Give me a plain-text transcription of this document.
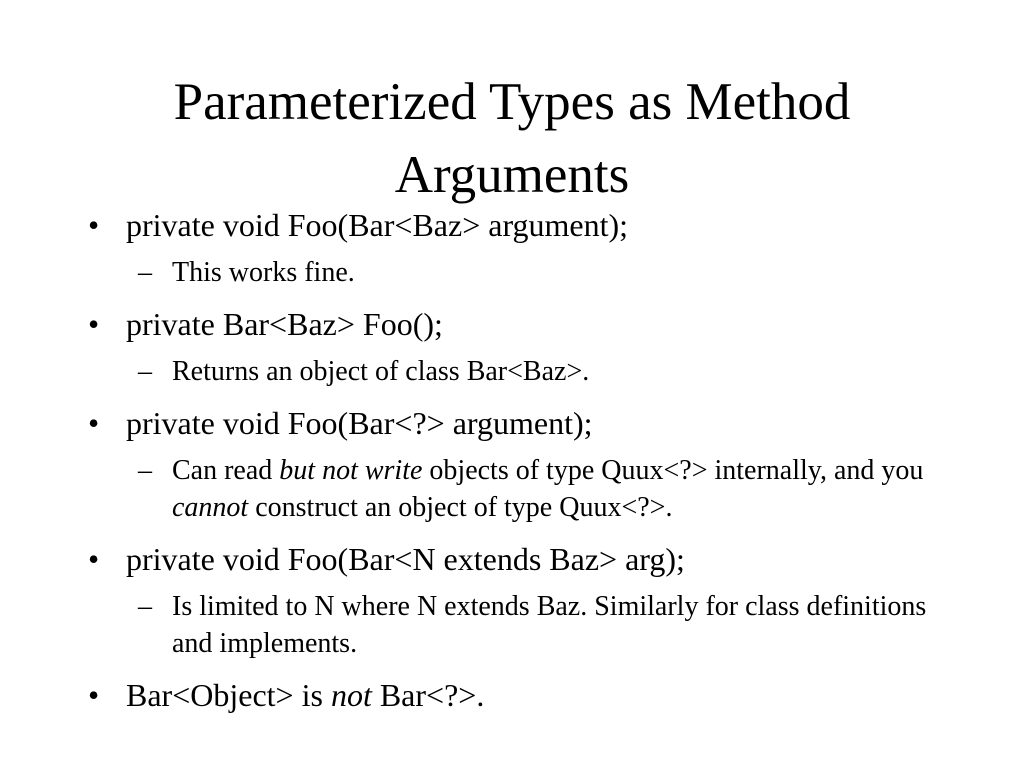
Parameterized Types as Method Arguments
• private void Foo(Bar<Baz> argument);
– This works fine.
• private Bar<Baz> Foo();
– Returns an object of class Bar<Baz>.
• private void Foo(Bar<?> argument);
– Can read but not write objects of type Quux<?> internally, and you cannot construct an object of type Quux<?>.
• private void Foo(Bar<N extends Baz> arg);
– Is limited to N where N extends Baz. Similarly for class definitions and implements.
• Bar<Object> is not Bar<?>.
